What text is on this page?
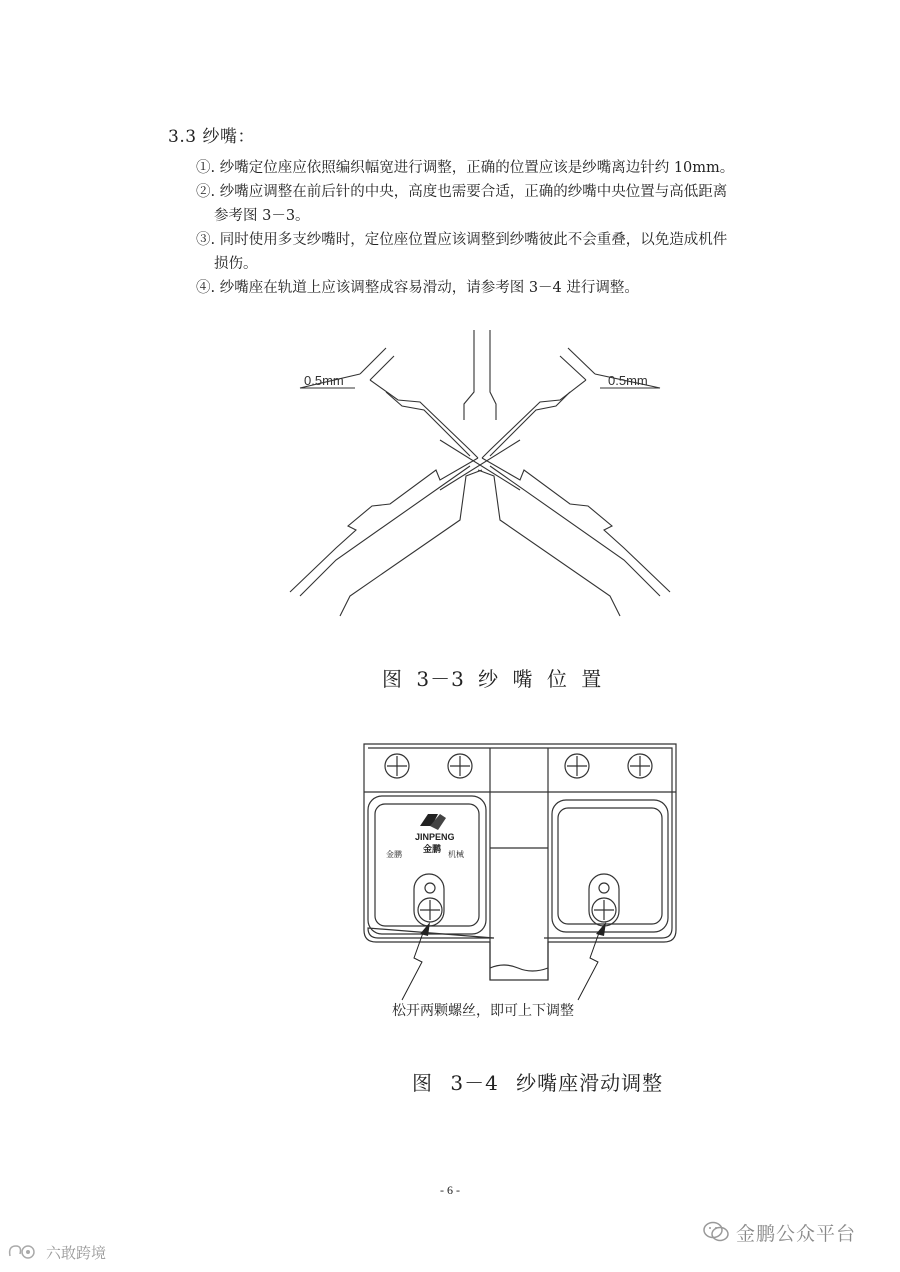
3.3 纱嘴：
①. 纱嘴定位座应依照编织幅宽进行调整，正确的位置应该是纱嘴离边针约 10mm。
②. 纱嘴应调整在前后针的中央，高度也需要合适，正确的纱嘴中央位置与高低距离
参考图 3－3。
③. 同时使用多支纱嘴时，定位座位置应该调整到纱嘴彼此不会重叠，以免造成机件
损伤。
④. 纱嘴座在轨道上应该调整成容易滑动，请参考图 3－4 进行调整。
0.5mm	0.5mm
图 3－3 纱 嘴 位 置
JINPENG
金鹏
金鹏	机械
松开两颗螺丝，即可上下调整
图 3－4 纱嘴座滑动调整
- 6 -
金鹏公众平台
六敢跨境
